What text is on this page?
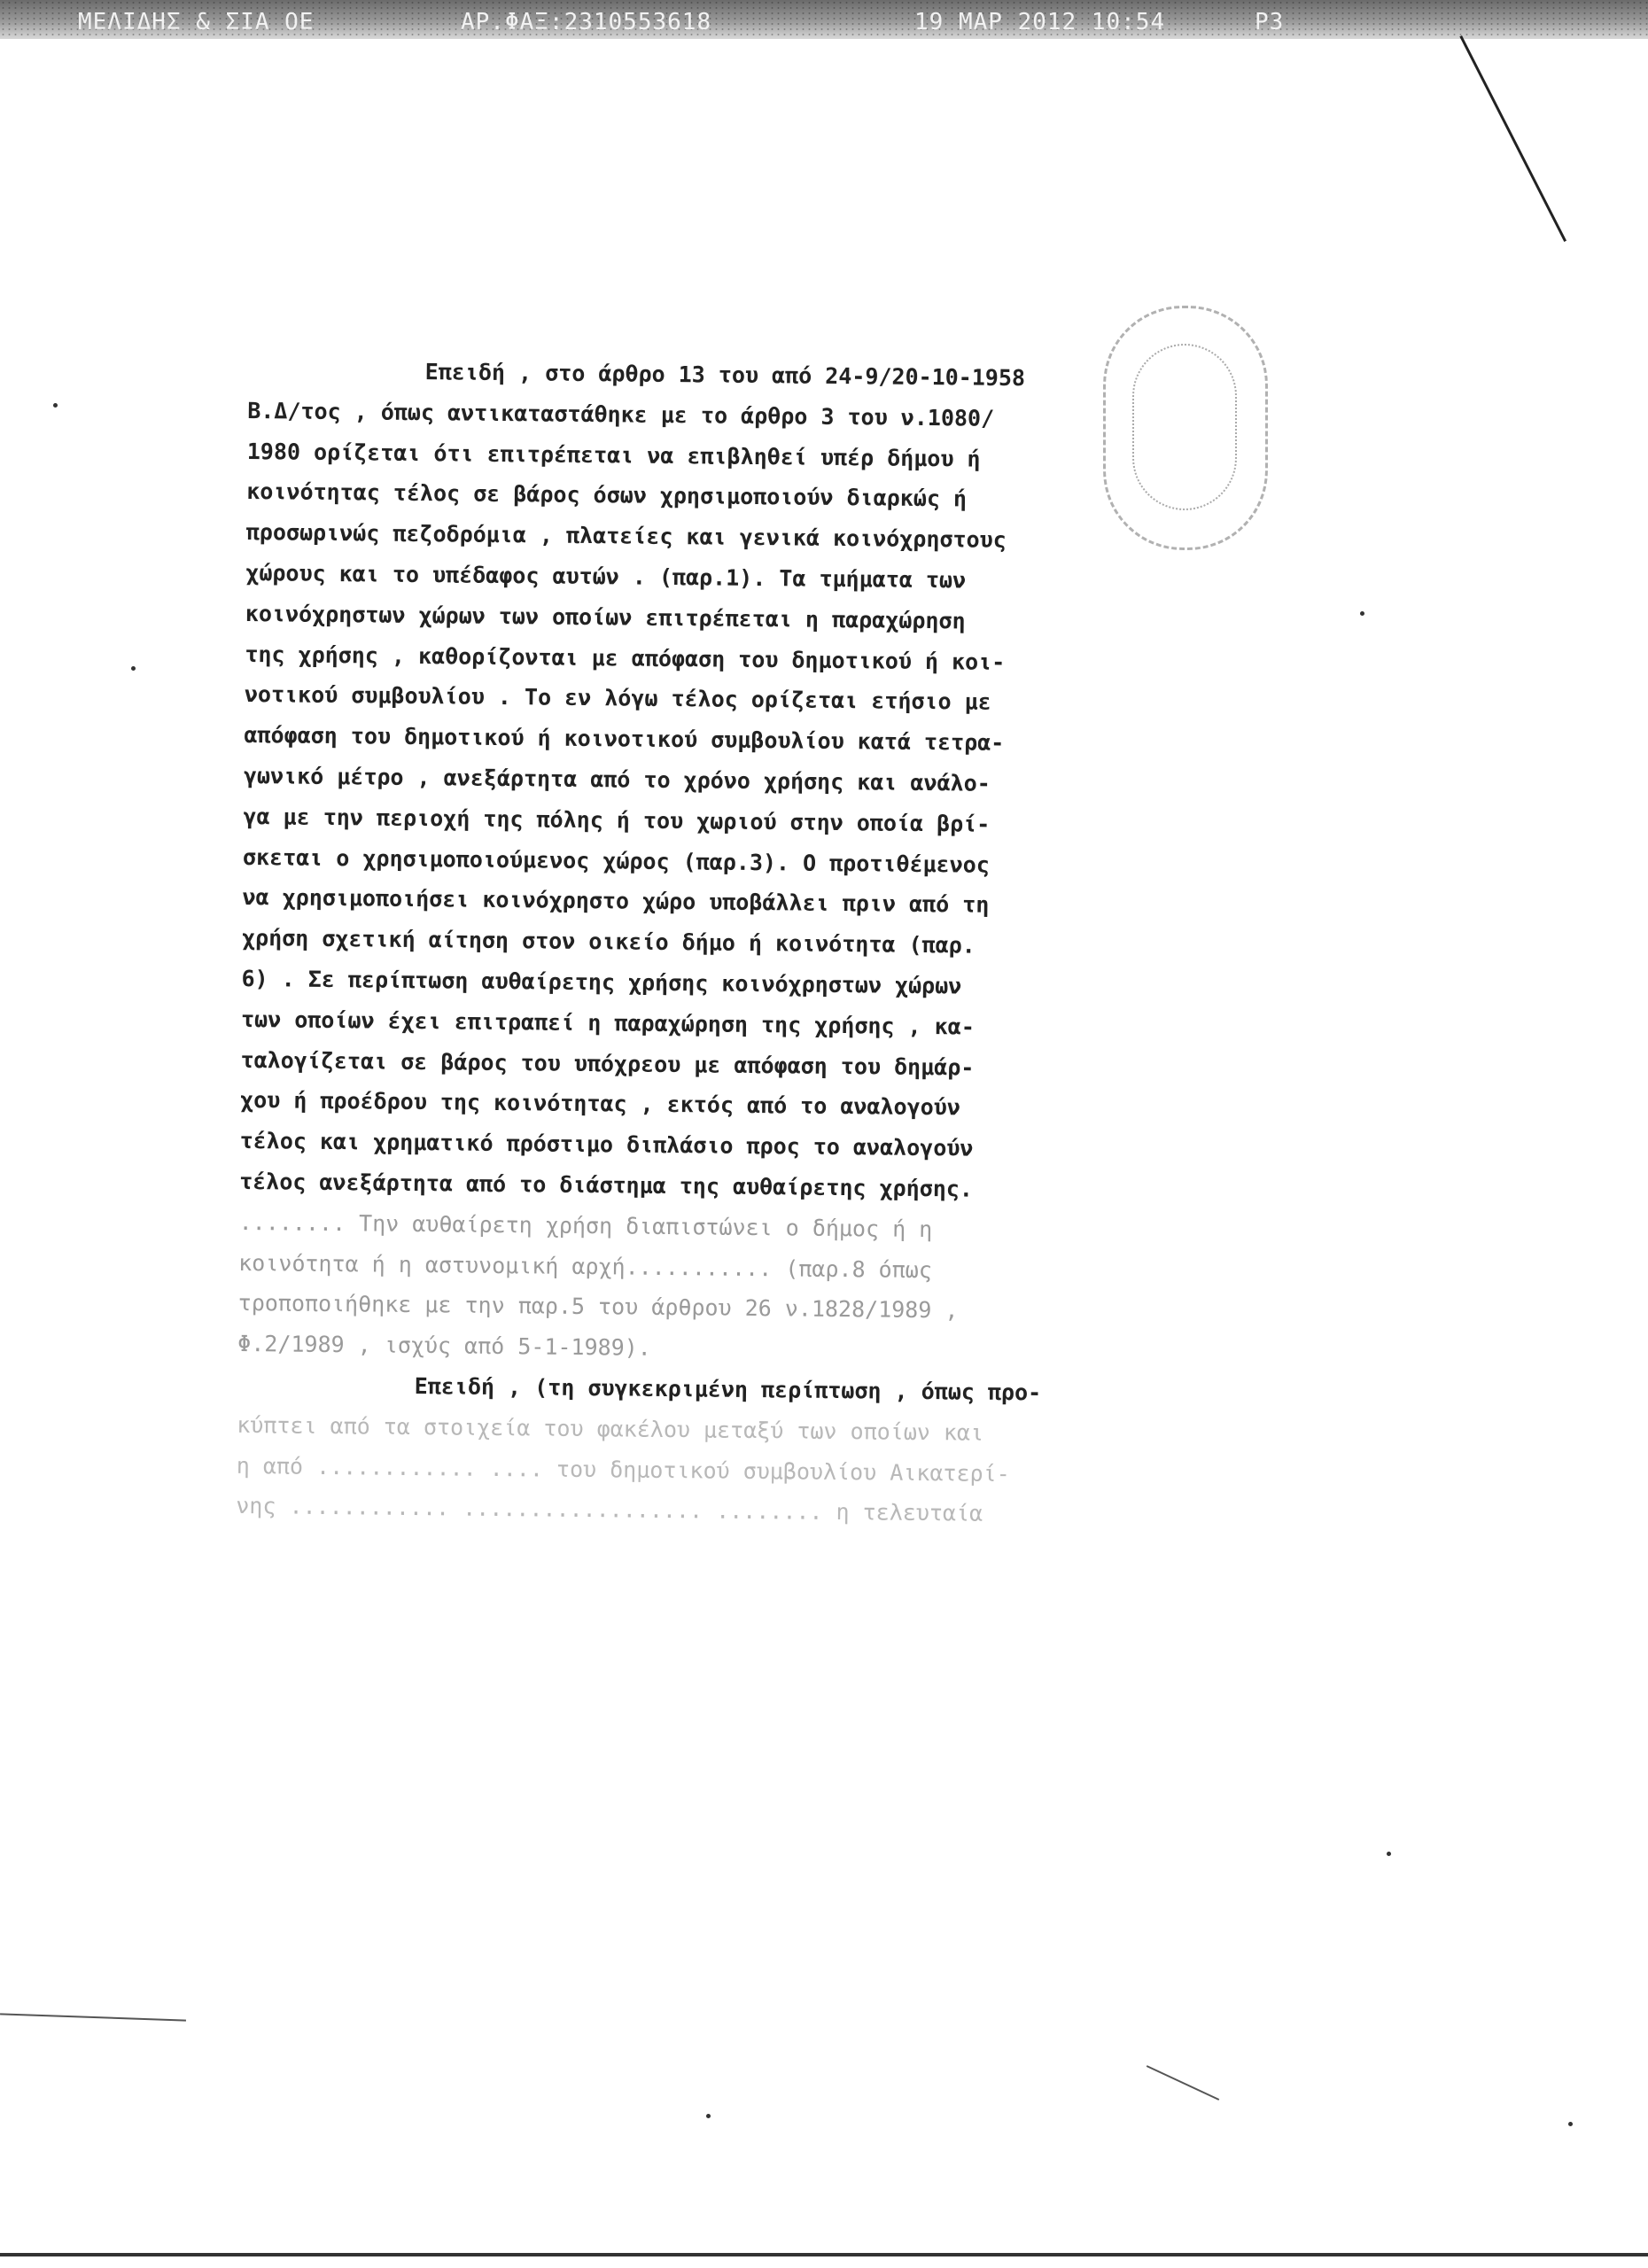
ΜΕΛΙΔΗΣ & ΣΙΑ ΟΕ	ΑΡ.ΦΑΞ:2310553618	19 ΜΑΡ 2012 10:54	P3
Επειδή , στο άρθρο 13 του από 24-9/20-10-1958
Β.Δ/τος , όπως αντικαταστάθηκε με το άρθρο 3 του ν.1080/
1980 ορίζεται ότι επιτρέπεται να επιβληθεί υπέρ δήμου ή
κοινότητας τέλος σε βάρος όσων χρησιμοποιούν διαρκώς ή
προσωρινώς πεζοδρόμια , πλατείες και γενικά κοινόχρηστους
χώρους και το υπέδαφος αυτών . (παρ.1). Τα τμήματα των
κοινόχρηστων χώρων των οποίων επιτρέπεται η παραχώρηση
της χρήσης , καθορίζονται με απόφαση του δημοτικού ή κοι-
νοτικού συμβουλίου . Το εν λόγω τέλος ορίζεται ετήσιο με
απόφαση του δημοτικού ή κοινοτικού συμβουλίου κατά τετρα-
γωνικό μέτρο , ανεξάρτητα από το χρόνο χρήσης και ανάλο-
γα με την περιοχή της πόλης ή του χωριού στην οποία βρί-
σκεται ο χρησιμοποιούμενος χώρος (παρ.3). Ο προτιθέμενος
να χρησιμοποιήσει κοινόχρηστο χώρο υποβάλλει πριν από τη
χρήση σχετική αίτηση στον οικείο δήμο ή κοινότητα (παρ.
6) . Σε περίπτωση αυθαίρετης χρήσης κοινόχρηστων χώρων
των οποίων έχει επιτραπεί η παραχώρηση της χρήσης , κα-
ταλογίζεται σε βάρος του υπόχρεου με απόφαση του δημάρ-
χου ή προέδρου της κοινότητας , εκτός από το αναλογούν
τέλος και χρηματικό πρόστιμο διπλάσιο προς το αναλογούν
τέλος ανεξάρτητα από το διάστημα της αυθαίρετης χρήσης.
........ Την αυθαίρετη χρήση διαπιστώνει ο δήμος ή η
κοινότητα ή η αστυνομική αρχή........... (παρ.8 όπως
τροποποιήθηκε με την παρ.5 του άρθρου 26 ν.1828/1989 ,
Φ.2/1989 , ισχύς από 5-1-1989).
Επειδή , (τη συγκεκριμένη περίπτωση , όπως προ-
κύπτει από τα στοιχεία του φακέλου μεταξύ των οποίων και
η από ............ .... του δημοτικού συμβουλίου Αικατερί-
νης ............ .................. ........ η τελευταία
